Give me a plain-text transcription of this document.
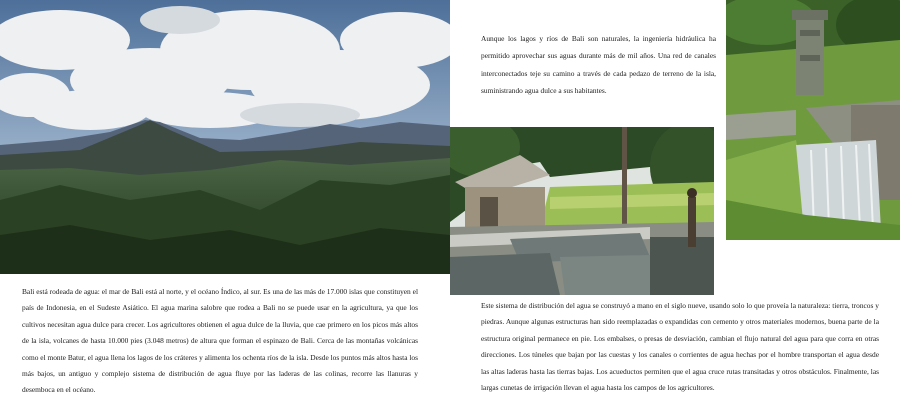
Aunque los lagos y ríos de Bali son naturales, la ingeniería hidráulica ha permitido aprovechar sus aguas durante más de mil años. Una red de canales interconectados teje su camino a través de cada pedazo de terreno de la isla, suministrando agua dulce a sus habitantes.

Bali está rodeada de agua: el mar de Bali está al norte, y el océano Índico, al sur. Es una de las más de 17.000 islas que constituyen el país de Indonesia, en el Sudeste Asiático. El agua marina salobre que rodea a Bali no se puede usar en la agricultura, ya que los cultivos necesitan agua dulce para crecer. Los agricultores obtienen el agua dulce de la lluvia, que cae primero en los picos más altos de la isla, volcanes de hasta 10.000 pies (3.048 metros) de altura que forman el espinazo de Bali. Cerca de las montañas volcánicas como el monte Batur, el agua llena los lagos de los cráteres y alimenta los ochenta ríos de la isla. Desde los puntos más altos hasta los más bajos, un antiguo y complejo sistema de distribución de agua fluye por las laderas de las colinas, recorre las llanuras y desemboca en el océano.

Este sistema de distribución del agua se construyó a mano en el siglo nueve, usando solo lo que proveía la naturaleza: tierra, troncos y piedras. Aunque algunas estructuras han sido reemplazadas o expandidas con cemento y otros materiales modernos, buena parte de la estructura original permanece en pie. Los embalses, o presas de desviación, cambian el flujo natural del agua para que corra en otras direcciones. Los túneles que bajan por las cuestas y los canales o corrientes de agua hechas por el hombre transportan el agua desde las altas laderas hasta las tierras bajas. Los acueductos permiten que el agua cruce rutas transitadas y otros obstáculos. Finalmente, las largas cunetas de irrigación llevan el agua hasta los campos de los agricultores.
